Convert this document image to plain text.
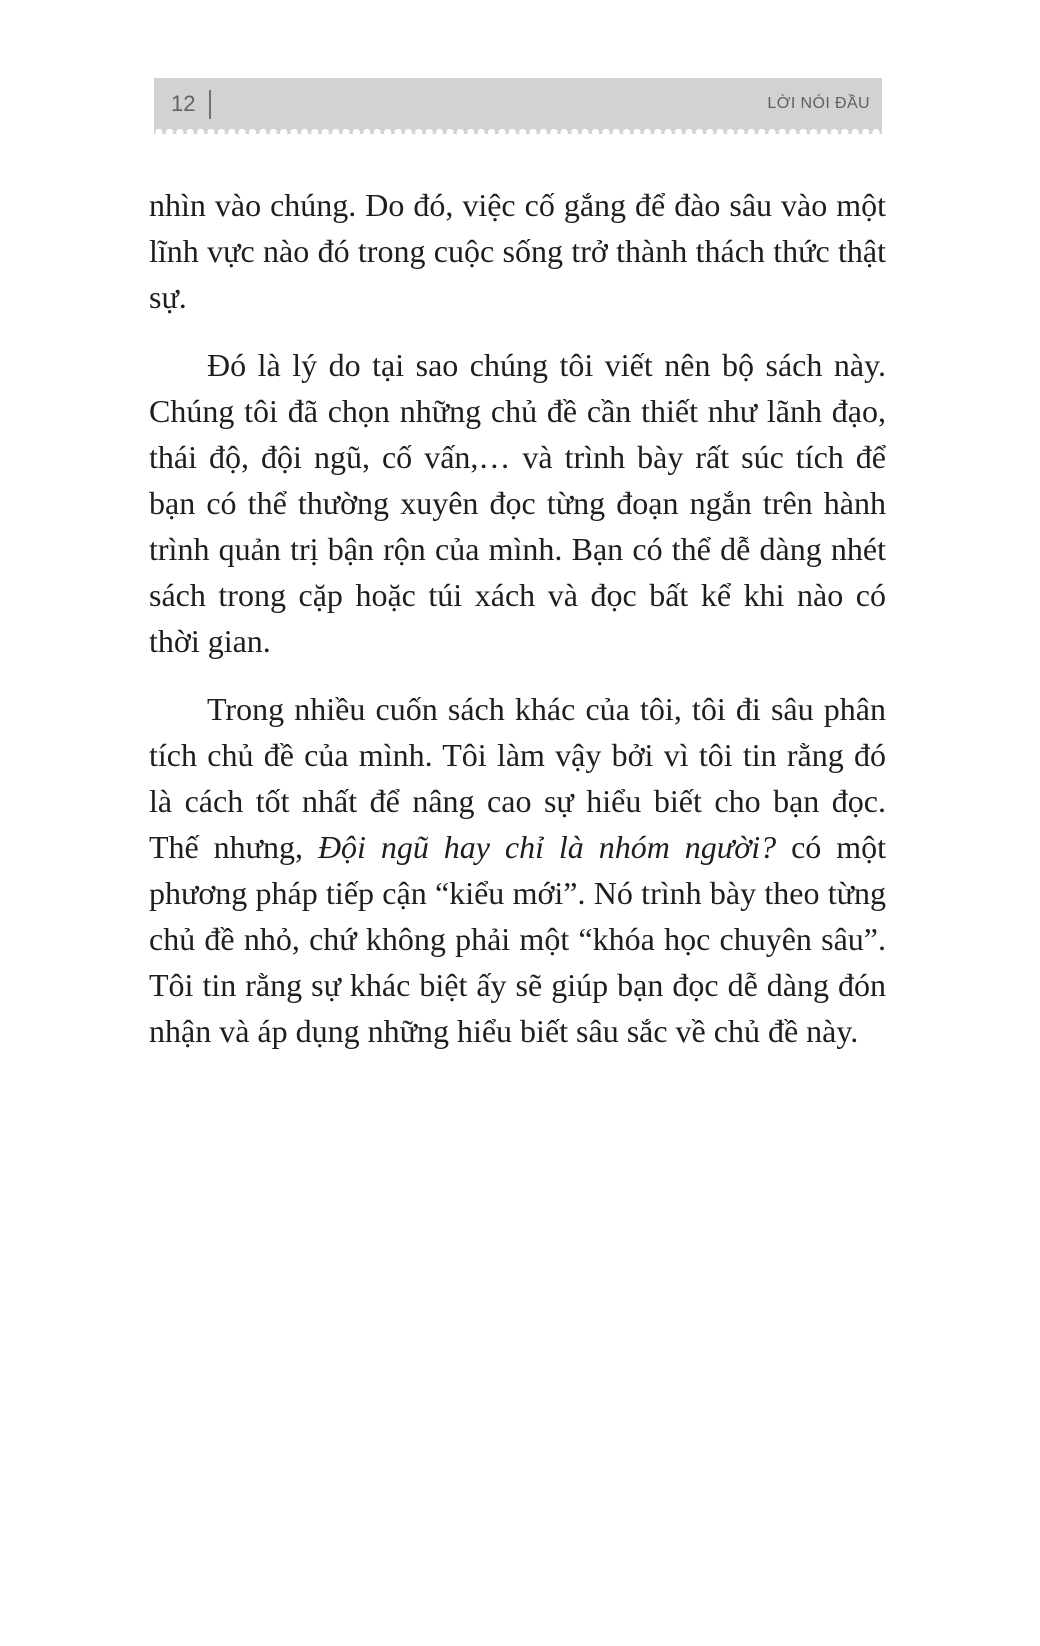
12	LỜI NÓI ĐẦU

nhìn vào chúng. Do đó, việc cố gắng để đào sâu vào một lĩnh vực nào đó trong cuộc sống trở thành thách thức thật sự.

Đó là lý do tại sao chúng tôi viết nên bộ sách này. Chúng tôi đã chọn những chủ đề cần thiết như lãnh đạo, thái độ, đội ngũ, cố vấn,… và trình bày rất súc tích để bạn có thể thường xuyên đọc từng đoạn ngắn trên hành trình quản trị bận rộn của mình. Bạn có thể dễ dàng nhét sách trong cặp hoặc túi xách và đọc bất kể khi nào có thời gian.

Trong nhiều cuốn sách khác của tôi, tôi đi sâu phân tích chủ đề của mình. Tôi làm vậy bởi vì tôi tin rằng đó là cách tốt nhất để nâng cao sự hiểu biết cho bạn đọc. Thế nhưng, Đội ngũ hay chỉ là nhóm người? có một phương pháp tiếp cận “kiểu mới”. Nó trình bày theo từng chủ đề nhỏ, chứ không phải một “khóa học chuyên sâu”. Tôi tin rằng sự khác biệt ấy sẽ giúp bạn đọc dễ dàng đón nhận và áp dụng những hiểu biết sâu sắc về chủ đề này.
